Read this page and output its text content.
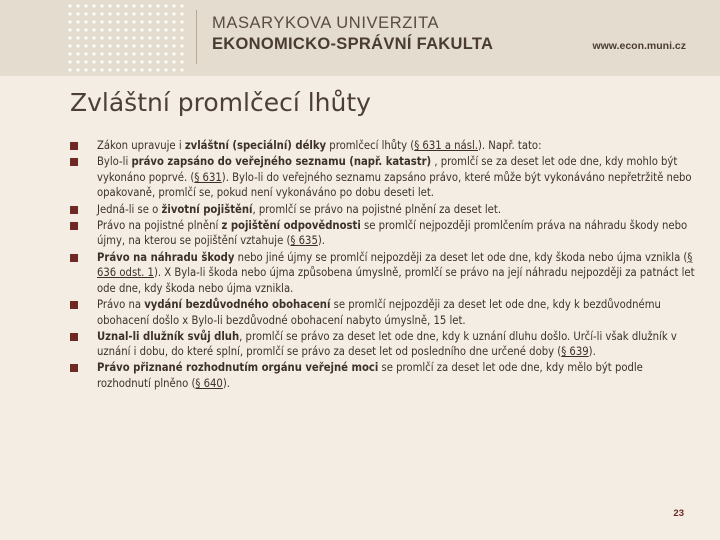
MASARYKOVA UNIVERZITA
EKONOMICKO-SPRÁVNÍ FAKULTA	www.econ.muni.cz
Zvláštní promlčecí lhůty
Zákon upravuje i zvláštní (speciální) délky promlčecí lhůty (§ 631 a násl.). Např. tato:
Bylo-li právo zapsáno do veřejného seznamu (např. katastr) , promlčí se za deset let ode dne, kdy mohlo být vykonáno poprvé. (§ 631). Bylo-li do veřejného seznamu zapsáno právo, které může být vykonáváno nepřetržitě nebo opakovaně, promlčí se, pokud není vykonáváno po dobu deseti let.
Jedná-li se o životní pojištění, promlčí se právo na pojistné plnění za deset let.
Právo na pojistné plnění z pojištění odpovědnosti se promlčí nejpozději promlčením práva na náhradu škody nebo újmy, na kterou se pojištění vztahuje (§ 635).
Právo na náhradu škody nebo jiné újmy se promlčí nejpozději za deset let ode dne, kdy škoda nebo újma vznikla (§ 636 odst. 1). X Byla-li škoda nebo újma způsobena úmyslně, promlčí se právo na její náhradu nejpozději za patnáct let ode dne, kdy škoda nebo újma vznikla.
Právo na vydání bezdůvodného obohacení se promlčí nejpozději za deset let ode dne, kdy k bezdůvodnému obohacení došlo x Bylo-li bezdůvodné obohacení nabyto úmyslně, 15 let.
Uznal-li dlužník svůj dluh, promlčí se právo za deset let ode dne, kdy k uznání dluhu došlo. Určí-li však dlužník v uznání i dobu, do které splní, promlčí se právo za deset let od posledního dne určené doby (§ 639).
Právo přiznané rozhodnutím orgánu veřejné moci se promlčí za deset let ode dne, kdy mělo být podle rozhodnutí plněno (§ 640).
23
